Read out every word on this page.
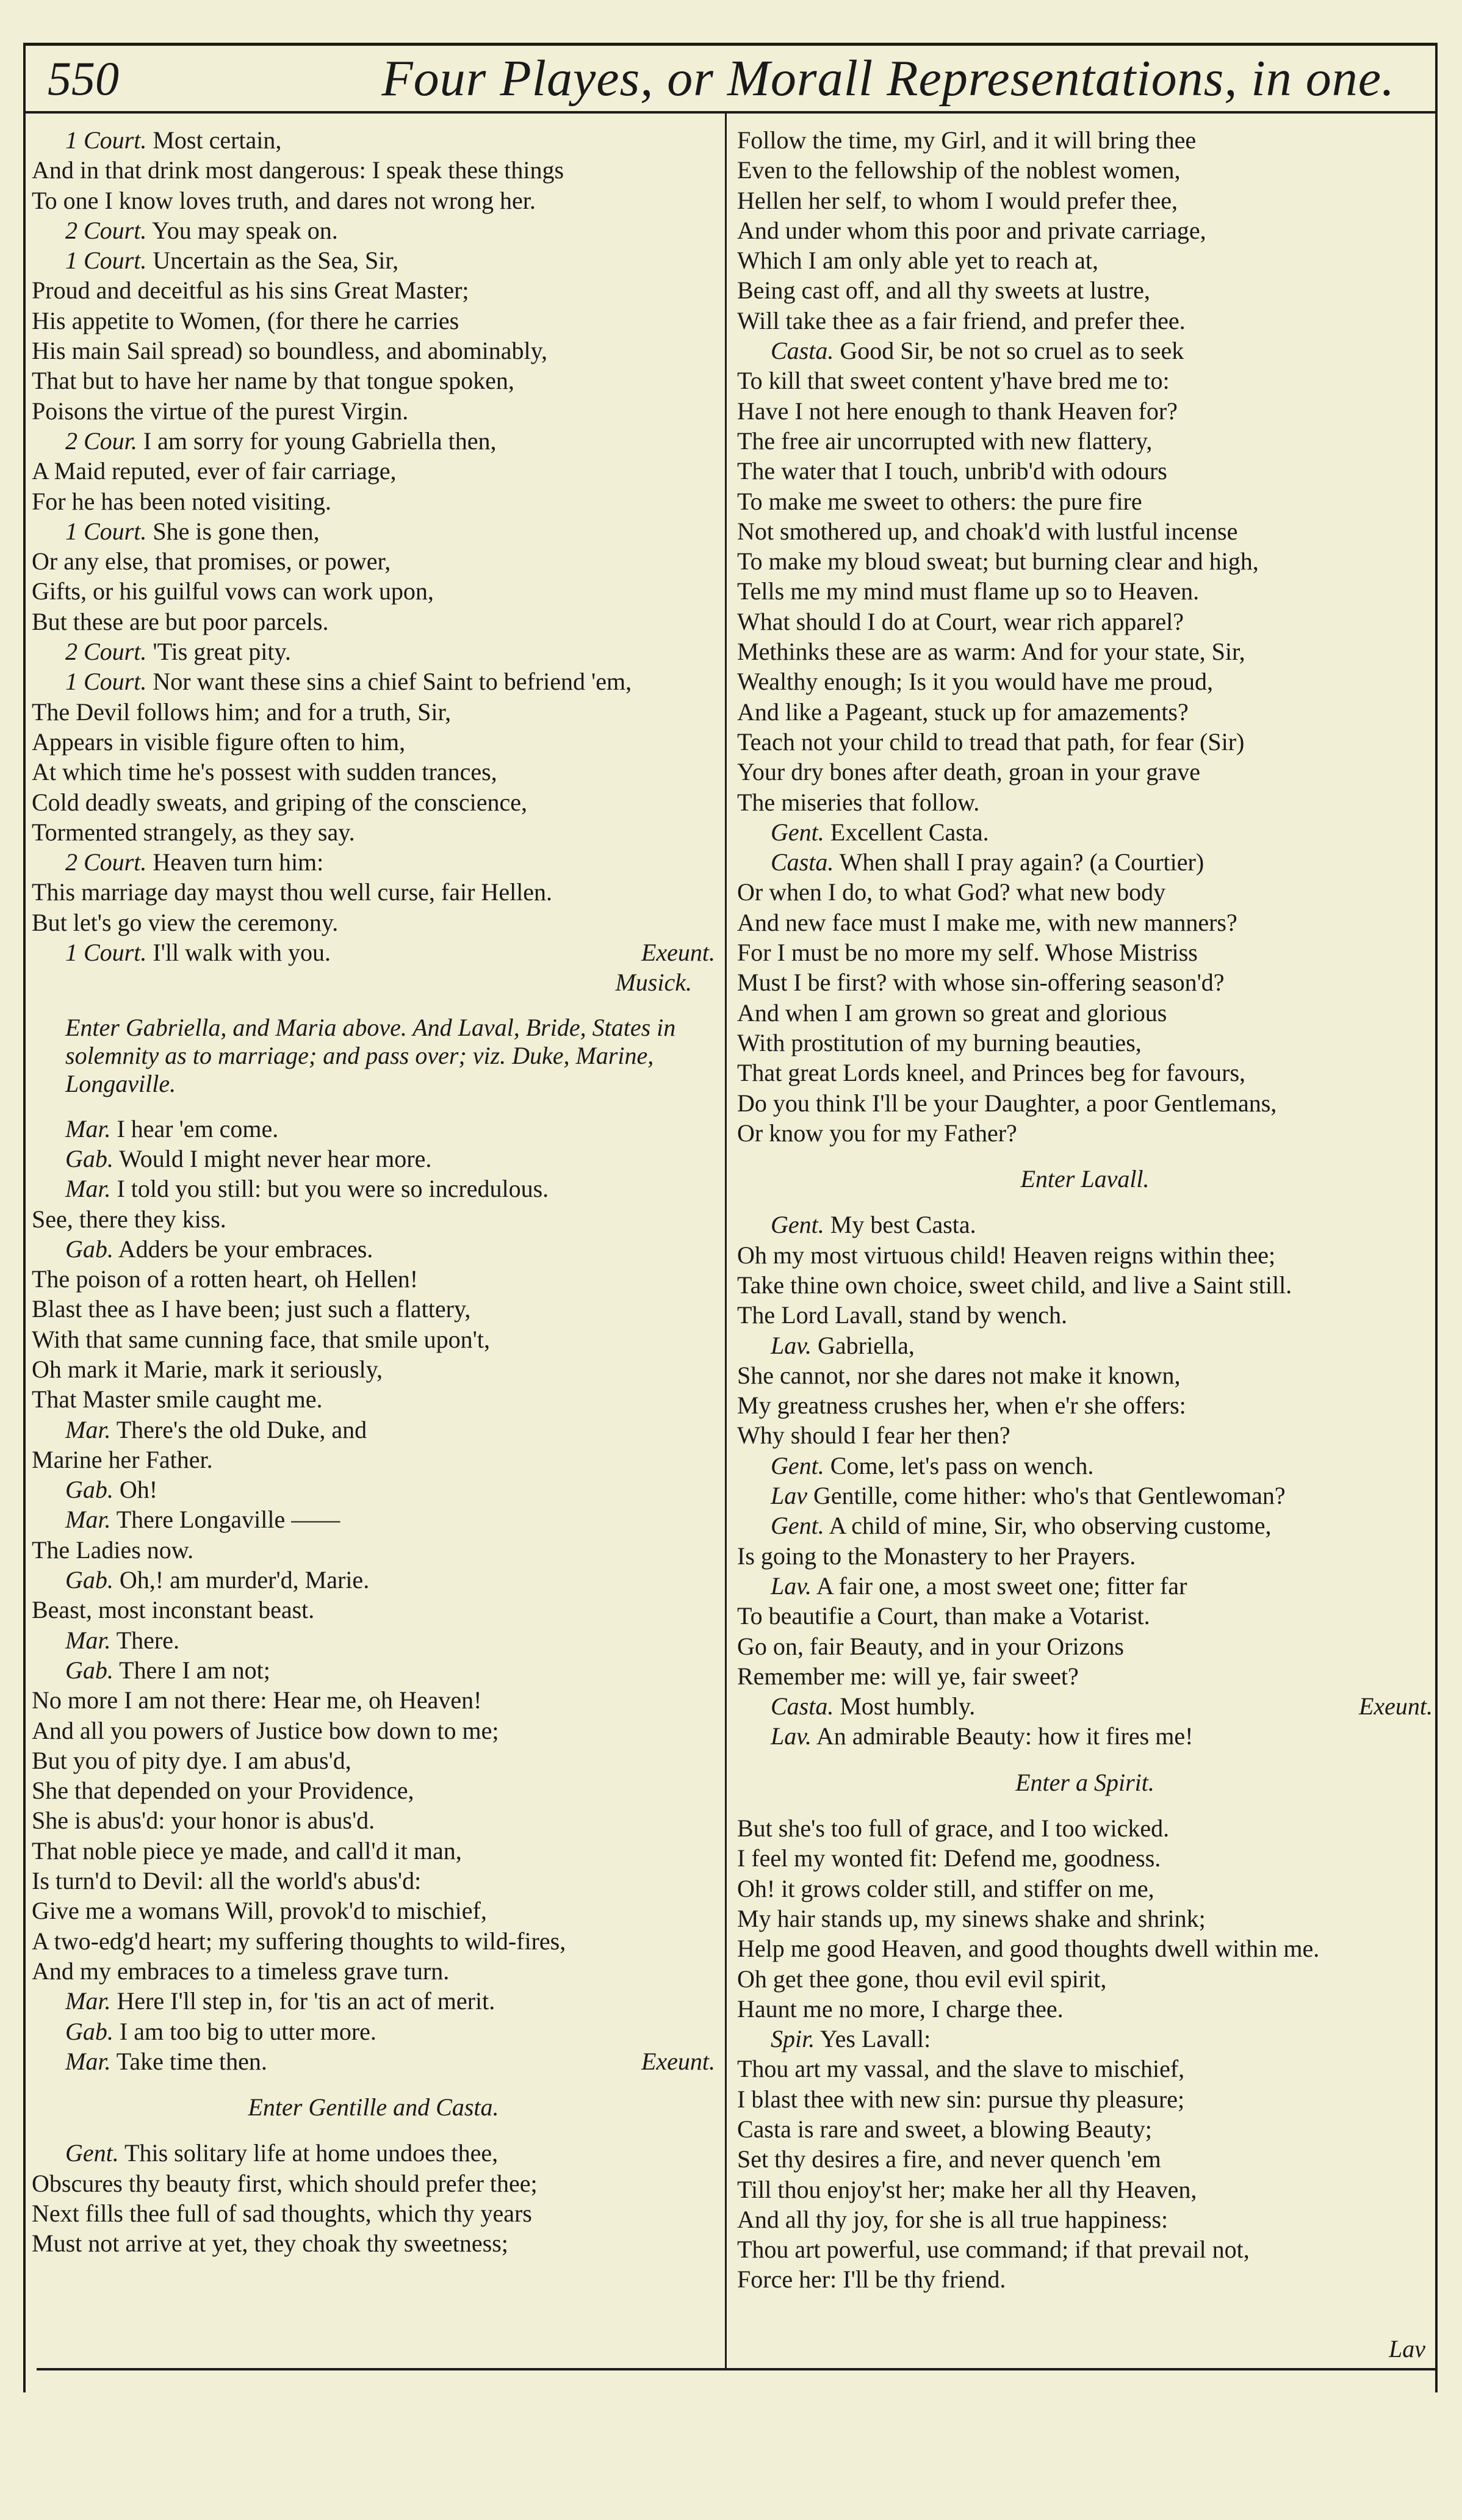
550	Four Playes, or Morall Representations, in one.
1 Court. Most certain,
And in that drink most dangerous: I speak these things
To one I know loves truth, and dares not wrong her.
2 Court. You may speak on.
1 Court. Uncertain as the Sea, Sir,
Proud and deceitful as his sins Great Master;
His appetite to Women, (for there he carries
His main Sail spread) so boundless, and abominably,
That but to have her name by that tongue spoken,
Poisons the virtue of the purest Virgin.
2 Cour. I am sorry for young Gabriella then,
A Maid reputed, ever of fair carriage,
For he has been noted visiting.
1 Court. She is gone then,
Or any else, that promises, or power,
Gifts, or his guilful vows can work upon,
But these are but poor parcels.
2 Court. 'Tis great pity.
1 Court. Nor want these sins a chief Saint to befriend 'em,
The Devil follows him; and for a truth, Sir,
Appears in visible figure often to him,
At which time he's possest with sudden trances,
Cold deadly sweats, and griping of the conscience,
Tormented strangely, as they say.
2 Court. Heaven turn him:
This marriage day mayst thou well curse, fair Hellen.
But let's go view the ceremony.
1 Court. I'll walk with you.	Exeunt.
Musick.
Enter Gabriella, and Maria above. And Laval, Bride, States in solemnity as to marriage; and pass over; viz. Duke, Marine, Longaville.
Mar. I hear 'em come.
Gab. Would I might never hear more.
Mar. I told you still: but you were so incredulous.
See, there they kiss.
Gab. Adders be your embraces.
The poison of a rotten heart, oh Hellen!
Blast thee as I have been; just such a flattery,
With that same cunning face, that smile upon't,
Oh mark it Marie, mark it seriously,
That Master smile caught me.
Mar. There's the old Duke, and
Marine her Father.
Gab. Oh!
Mar. There Longaville ——
The Ladies now.
Gab. Oh,! am murder'd, Marie.
Beast, most inconstant beast.
Mar. There.
Gab. There I am not;
No more I am not there: Hear me, oh Heaven!
And all you powers of Justice bow down to me;
But you of pity dye. I am abus'd,
She that depended on your Providence,
She is abus'd: your honor is abus'd.
That noble piece ye made, and call'd it man,
Is turn'd to Devil: all the world's abus'd:
Give me a womans Will, provok'd to mischief,
A two-edg'd heart; my suffering thoughts to wild-fires,
And my embraces to a timeless grave turn.
Mar. Here I'll step in, for 'tis an act of merit.
Gab. I am too big to utter more.
Mar. Take time then.	Exeunt.
Enter Gentille and Casta.
Gent. This solitary life at home undoes thee,
Obscures thy beauty first, which should prefer thee;
Next fills thee full of sad thoughts, which thy years
Must not arrive at yet, they choak thy sweetness;
Follow the time, my Girl, and it will bring thee
Even to the fellowship of the noblest women,
Hellen her self, to whom I would prefer thee,
And under whom this poor and private carriage,
Which I am only able yet to reach at,
Being cast off, and all thy sweets at lustre,
Will take thee as a fair friend, and prefer thee.
Casta. Good Sir, be not so cruel as to seek
To kill that sweet content y'have bred me to:
Have I not here enough to thank Heaven for?
The free air uncorrupted with new flattery,
The water that I touch, unbrib'd with odours
To make me sweet to others: the pure fire
Not smothered up, and choak'd with lustful incense
To make my bloud sweat; but burning clear and high,
Tells me my mind must flame up so to Heaven.
What should I do at Court, wear rich apparel?
Methinks these are as warm: And for your state, Sir,
Wealthy enough; Is it you would have me proud,
And like a Pageant, stuck up for amazements?
Teach not your child to tread that path, for fear (Sir)
Your dry bones after death, groan in your grave
The miseries that follow.
Gent. Excellent Casta.
Casta. When shall I pray again? (a Courtier)
Or when I do, to what God? what new body
And new face must I make me, with new manners?
For I must be no more my self. Whose Mistriss
Must I be first? with whose sin-offering season'd?
And when I am grown so great and glorious
With prostitution of my burning beauties,
That great Lords kneel, and Princes beg for favours,
Do you think I'll be your Daughter, a poor Gentlemans,
Or know you for my Father?
Enter Lavall.
Gent. My best Casta.
Oh my most virtuous child! Heaven reigns within thee;
Take thine own choice, sweet child, and live a Saint still.
The Lord Lavall, stand by wench.
Lav. Gabriella,
She cannot, nor she dares not make it known,
My greatness crushes her, when e'r she offers:
Why should I fear her then?
Gent. Come, let's pass on wench.
Lav Gentille, come hither: who's that Gentlewoman?
Gent. A child of mine, Sir, who observing custome,
Is going to the Monastery to her Prayers.
Lav. A fair one, a most sweet one; fitter far
To beautifie a Court, than make a Votarist.
Go on, fair Beauty, and in your Orizons
Remember me: will ye, fair sweet?
Casta. Most humbly.	Exeunt.
Lav. An admirable Beauty: how it fires me!
Enter a Spirit.
But she's too full of grace, and I too wicked.
I feel my wonted fit: Defend me, goodness.
Oh! it grows colder still, and stiffer on me,
My hair stands up, my sinews shake and shrink;
Help me good Heaven, and good thoughts dwell within me.
Oh get thee gone, thou evil evil spirit,
Haunt me no more, I charge thee.
Spir. Yes Lavall:
Thou art my vassal, and the slave to mischief,
I blast thee with new sin: pursue thy pleasure;
Casta is rare and sweet, a blowing Beauty;
Set thy desires a fire, and never quench 'em
Till thou enjoy'st her; make her all thy Heaven,
And all thy joy, for she is all true happiness:
Thou art powerful, use command; if that prevail not,
Force her: I'll be thy friend.
Lav
